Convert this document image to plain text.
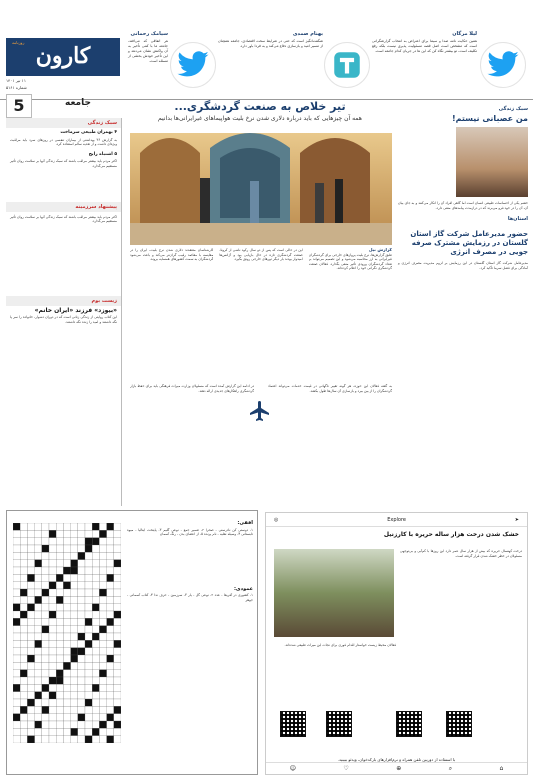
لیلا مرگان
همین حکایت نامه صدا و سیما برای اعتراض به انتخاب گزارشگرانی است که مشخص است اصل قصه مسئولیت پذیری نیست بلکه رفع تکلیف است، تو بیشتر نگاه کن که این ها در جریان کدام جامعه است.
بهنام صمدی
شگفت‌انگیز است که حتی در شرایط سخت اقتصادی، جامعه همچنان از مسیر امید و بازسازی دفاع می‌کند و به فردا باور دارد.
سیامک رحمانی
هر اتفاقی که می‌افتد، جامعه ما با کمی تأخیر به آن واکنش نشان می‌دهد و این تأخیر خودش بخشی از مسئله است.
روزنامه
کارون
۱۱ تیر ۱۴۰۱
شماره ۵۱۶۱
5	جامعه
سبک زندگی
۴ بهمران طبیعی سرماخت
به گزارش ۳۶ بهداشتی از بیماران تنفسی در روزهای سرد باید مراقبت ویژه‌ای داشت و از تغذیه سالم استفاده کرد.
۵ اشتباه رایج
اکثر مردم باید بیشتر مراقب باشند که سبک زندگی آنها بر سلامت روان تأثیر مستقیم می‌گذارد.
پیشنهاد سرزمینه
اکثر مردم باید بیشتر مراقب باشند که سبک زندگی آنها بر سلامت روان تأثیر مستقیم می‌گذارد.
زیست بوم
«بیوزد» فرزند «ایران خانم»
این کتاب روایتی از زندگی زنانی است که در دوران دشوار، خانواده را سر پا نگه داشتند و امید را زنده نگه داشتند.
تیر خلاص به صنعت گردشگری...
همه آن چیزهایی که باید درباره دلاری شدن نرخ بلیت هواپیماهای غیرایرانی‌ها بدانیم
گزارش نیل
طبق گزارش‌ها، نرخ بلیت پروازهای خارجی برای گردشگران غیرایرانی به ارز محاسبه می‌شود و این تصمیم می‌تواند بر تعداد گردشگران ورودی تأثیر منفی بگذارد. فعالان صنعت گردشگری نگرانی خود را اعلام کرده‌اند.
این در حالی است که پس از دو سال رکود ناشی از کرونا، صنعت گردشگری تازه در حال بازیابی بود و آژانس‌ها امیدوار بودند بار دیگر تورهای خارجی رونق بگیرد.
کارشناسان معتقدند دلاری شدن نرخ بلیت، ایران را در مقایسه با مقاصد رقیب گران‌تر می‌کند و باعث می‌شود گردشگران به سمت کشورهای همسایه بروند.
به گفته فعالان این حوزه، هر گونه تغییر ناگهانی در قیمت خدمات می‌تواند اعتماد گردشگران را از بین ببرد و بازسازی آن سال‌ها طول بکشد.
در ادامه این گزارش آمده است که مسئولان وزارت میراث فرهنگی باید برای حفظ بازار گردشگری راهکارهای جدیدی ارائه دهند.
سبک زندگی
من عصبانی نیستم!
خشم یکی از احساسات طبیعی انسان است اما گاهی افراد آن را انکار می‌کنند و به جای بیان آن، آن را در خود فرو می‌برند که در درازمدت پیامدهای منفی دارد.
استان‌ها
حضور مدیرعامل شرکت گاز استان گلستان در رزمایش مشترک صرفه جویی در مصرف انرژی
مدیرعامل شرکت گاز استان گلستان در این رزمایش بر لزوم مدیریت مصرف انرژی و آمادگی برای فصل سرما تأکید کرد.
افقی:
۱- دوستی کن نادرستی - صحرا ۲- ضمیر جمع - نوعی گلیم ۳- پایتخت ایتالیا - میوه تابستانی ۴- وسیله نقلیه - نام پرنده ۵- از اعضای بدن - رنگ آسمان
عمودی:
۱- کشوری در آفریقا - عدد ۲- نوعی گل - یار ۳- سرزمین - حرف ندا ۴- کتاب آسمانی - جوهر
➤
Explore
◎
خشک شدن درخت هزار ساله حریره با کارزنیل
درخت کهنسال حریره که بیش از هزار سال عمر دارد این روزها با کم‌آبی و بی‌توجهی مسئولان در خطر خشک شدن قرار گرفته است.
فعالان محیط زیست خواستار اقدام فوری برای نجات این میراث طبیعی شده‌اند.
با استفاده از دوربین تلفن همراه و نرم‌افزارهای بارکدخوان، ویدئو ببینید.
⌂
⌕
⊕
♡
☺
